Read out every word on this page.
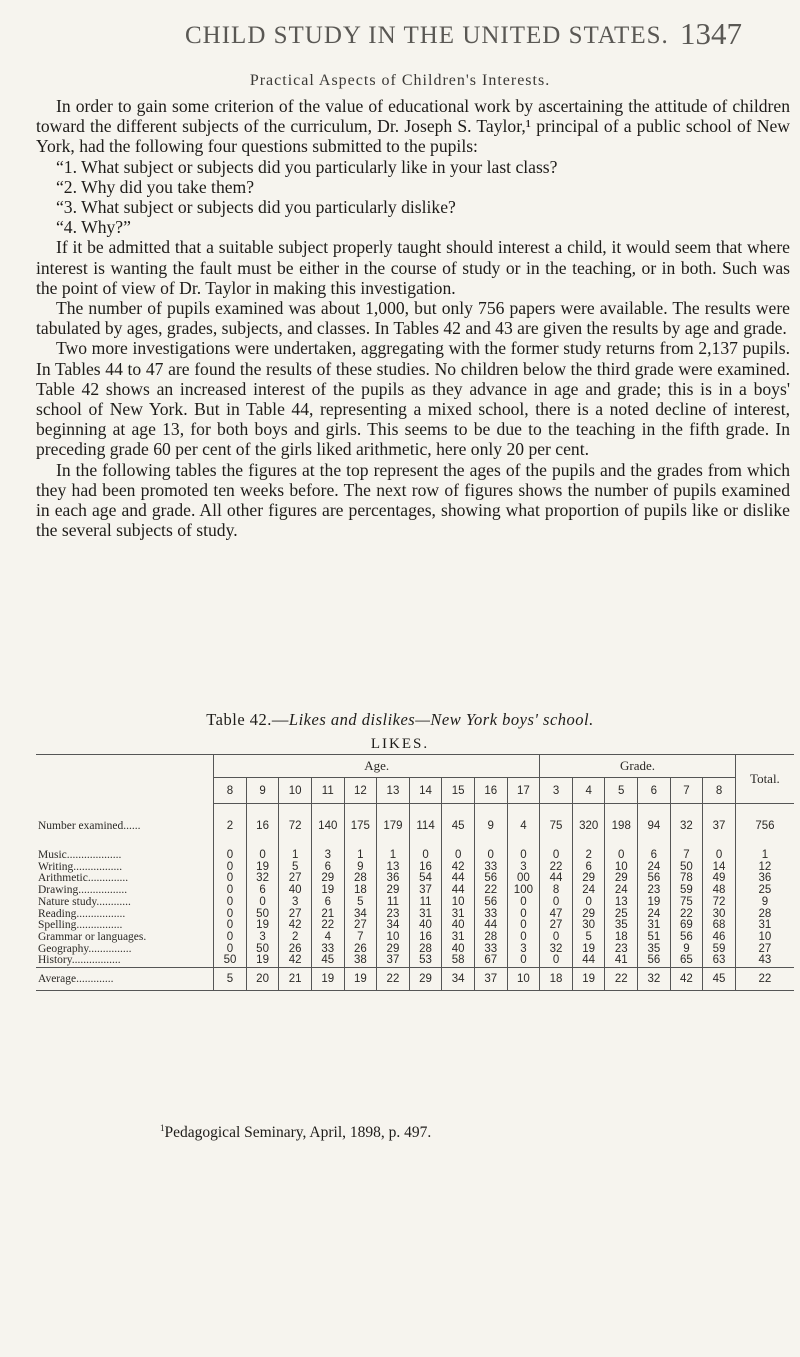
CHILD STUDY IN THE UNITED STATES. 1347
Practical Aspects of Children's Interests.

In order to gain some criterion of the value of educational work by ascertaining the attitude of children toward the different subjects of the curriculum, Dr. Joseph S. Taylor,¹ principal of a public school of New York, had the following four questions submitted to the pupils:

“1. What subject or subjects did you particularly like in your last class?

“2. Why did you take them?

“3. What subject or subjects did you particularly dislike?

“4. Why?”

If it be admitted that a suitable subject properly taught should interest a child, it would seem that where interest is wanting the fault must be either in the course of study or in the teaching, or in both. Such was the point of view of Dr. Taylor in making this investigation.

The number of pupils examined was about 1,000, but only 756 papers were available. The results were tabulated by ages, grades, subjects, and classes. In Tables 42 and 43 are given the results by age and grade.

Two more investigations were undertaken, aggregating with the former study returns from 2,137 pupils. In Tables 44 to 47 are found the results of these studies. No children below the third grade were examined. Table 42 shows an increased interest of the pupils as they advance in age and grade; this is in a boys' school of New York. But in Table 44, representing a mixed school, there is a noted decline of interest, beginning at age 13, for both boys and girls. This seems to be due to the teaching in the fifth grade. In preceding grade 60 per cent of the girls liked arithmetic, here only 20 per cent.

In the following tables the figures at the top represent the ages of the pupils and the grades from which they had been promoted ten weeks before. The next row of figures shows the number of pupils examined in each age and grade. All other figures are percentages, showing what proportion of pupils like or dislike the several subjects of study.

Table 42.—Likes and dislikes—New York boys' school.
LIKES.
	Age.										Grade.						Total.
	8	9	10	11	12	13	14	15	16	17	3	4	5	6	7	8	
Number examined......	2	16	72	140	175	179	114	45	9	4	75	320	198	94	32	37	756

Music...................	0	0	1	3	1	1	0	0	0	0	0	2	0	6	7	0	1
Writing.................	0	19	5	6	9	13	16	42	33	3	22	6	10	24	50	14	12
Arithmetic..............	0	32	27	29	28	36	54	44	56	00	44	29	29	56	78	49	36
Drawing.................	0	6	40	19	18	29	37	44	22	100	8	24	24	23	59	48	25
Nature study............	0	0	3	6	5	11	11	10	56	0	0	0	13	19	75	72	9
Reading.................	0	50	27	21	34	23	31	31	33	0	47	29	25	24	22	30	28
Spelling................	0	19	42	22	27	34	40	40	44	0	27	30	35	31	69	68	31
Grammar or languages.	0	3	2	4	7	10	16	31	28	0	0	5	18	51	56	46	10
Geography...............	0	50	26	33	26	29	28	40	33	3	32	19	23	35	9	59	27
History.................	50	19	42	45	38	37	53	58	67	0	0	44	41	56	65	63	43
Average.............	5	20	21	19	19	22	29	34	37	10	18	19	22	32	42	45	22
$^1$Pedagogical Seminary, April, 1898, p. 497.
